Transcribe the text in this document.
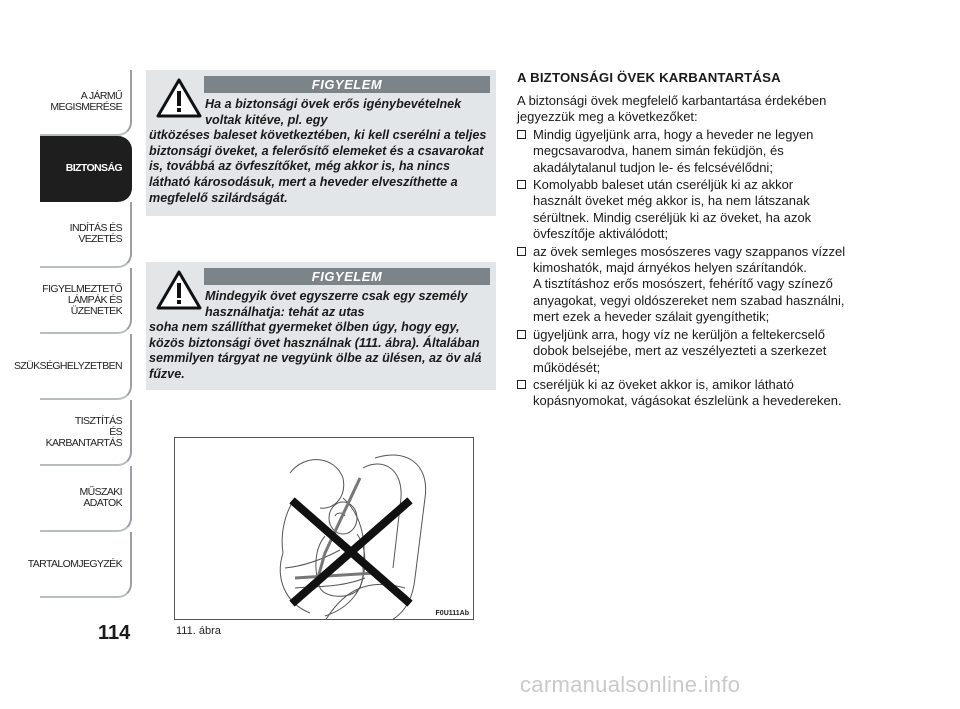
A JÁRMŰ
MEGISMERÉSE
BIZTONSÁG
INDÍTÁS ÉS VEZETÉS
FIGYELMEZTETŐ
LÁMPÁK ÉS
ÜZENETEK
SZÜKSÉGHELYZETBEN
TISZTÍTÁS
ÉS KARBANTARTÁS
MŰSZAKI ADATOK
TARTALOMJEGYZÉK
114
FIGYELEM
Ha a biztonsági övek erős igénybevételnek voltak kitéve, pl. egy
ütközéses baleset következtében, ki kell cserélni a teljes biztonsági öveket, a felerősítő elemeket és a csavarokat is, továbbá az övfeszítőket, még akkor is, ha nincs látható károsodásuk, mert a heveder elveszíthette a megfelelő szilárdságát.
FIGYELEM
Mindegyik övet egyszerre csak egy személy használhatja: tehát az utas
soha nem szállíthat gyermeket ölben úgy, hogy egy, közös biztonsági övet használnak (111. ábra). Általában semmilyen tárgyat ne vegyünk ölbe az ülésen, az öv alá fűzve.
F0U111Ab
111. ábra
A BIZTONSÁGI ÖVEK KARBANTARTÁSA
A biztonsági övek megfelelő karbantartása érdekében jegyezzük meg a következőket:
Mindig ügyeljünk arra, hogy a heveder ne legyen
megcsavarodva, hanem simán feküdjön, és
akadálytalanul tudjon le- és felcsévélődni;
Komolyabb baleset után cseréljük ki az akkor
használt öveket még akkor is, ha nem látszanak
sérültnek. Mindig cseréljük ki az öveket, ha azok
övfeszítője aktiválódott;
az övek semleges mosószeres vagy szappanos vízzel
kimoshatók, majd árnyékos helyen szárítandók.
A tisztításhoz erős mosószert, fehérítő vagy színező
anyagokat, vegyi oldószereket nem szabad használni,
mert ezek a heveder szálait gyengíthetik;
ügyeljünk arra, hogy víz ne kerüljön a feltekercselő
dobok belsejébe, mert az veszélyezteti a szerkezet
működését;
cseréljük ki az öveket akkor is, amikor látható
kopásnyomokat, vágásokat észlelünk a hevedereken.
carmanualsonline.info
